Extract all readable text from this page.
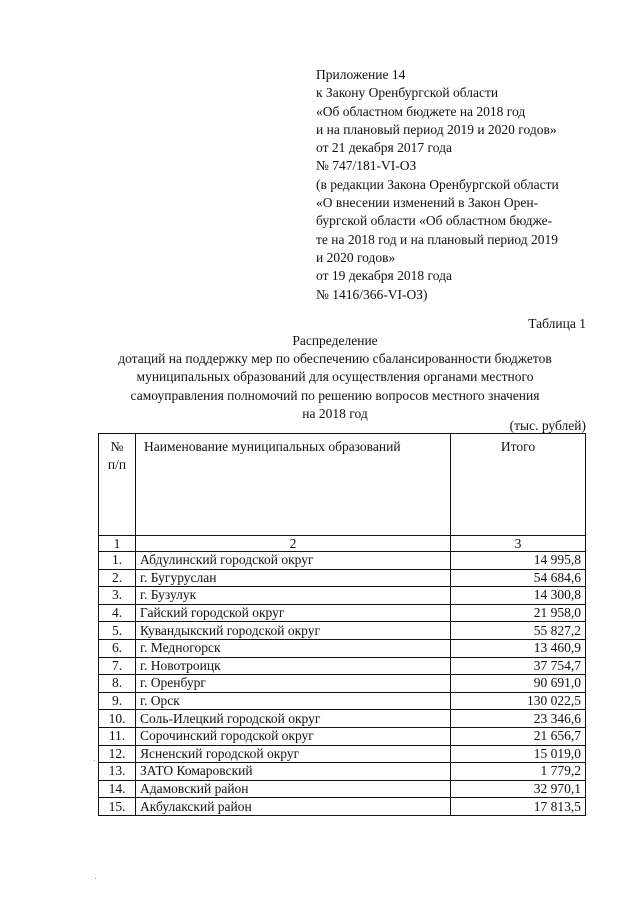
Приложение 14
к Закону Оренбургской области
«Об областном бюджете на 2018 год
и на плановый период 2019 и 2020 годов»
от 21 декабря 2017 года
№ 747/181-VI-ОЗ
(в редакции Закона Оренбургской области
«О внесении изменений в Закон Орен-
бургской области «Об областном бюдже-
те на 2018 год и на плановый период 2019
и 2020 годов»
от 19 декабря 2018 года
№ 1416/366-VI-ОЗ)
Таблица 1
Распределение
дотаций на поддержку мер по обеспечению сбалансированности бюджетов
муниципальных образований для осуществления органами местного
самоуправления полномочий по решению вопросов местного значения
на 2018 год
(тыс. рублей)
№
п/п	Наименование муниципальных образований	Итого
1	2	3
1.	Абдулинский городской округ	14 995,8
2.	г. Бугуруслан	54 684,6
3.	г. Бузулук	14 300,8
4.	Гайский городской округ	21 958,0
5.	Кувандыкский городской округ	55 827,2
6.	г. Медногорск	13 460,9
7.	г. Новотроицк	37 754,7
8.	г. Оренбург	90 691,0
9.	г. Орск	130 022,5
10.	Соль-Илецкий городской округ	23 346,6
11.	Сорочинский городской округ	21 656,7
12.	Ясненский городской округ	15 019,0
13.	ЗАТО Комаровский	1 779,2
14.	Адамовский район	32 970,1
15.	Акбулакский район	17 813,5
